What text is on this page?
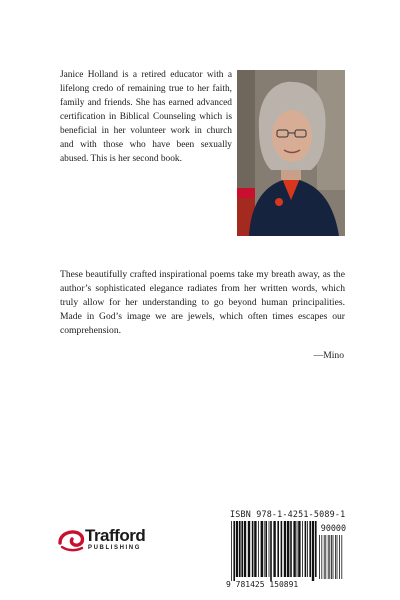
Janice Holland is a retired educator with a lifelong credo of remaining true to her faith, family and friends. She has earned advanced certification in Biblical Counseling which is beneficial in her volunteer work in church and with those who have been sexually abused. This is her second book.

These beautifully crafted inspirational poems take my breath away, as the author’s sophisticated elegance radiates from her written words, which truly allow for her understanding to go beyond human principalities. Made in God’s image we are jewels, which often times escapes our comprehension.

—Mino

Trafford
PUBLISHING
ISBN 978-1-4251-5089-1
90000
9 781425 150891
